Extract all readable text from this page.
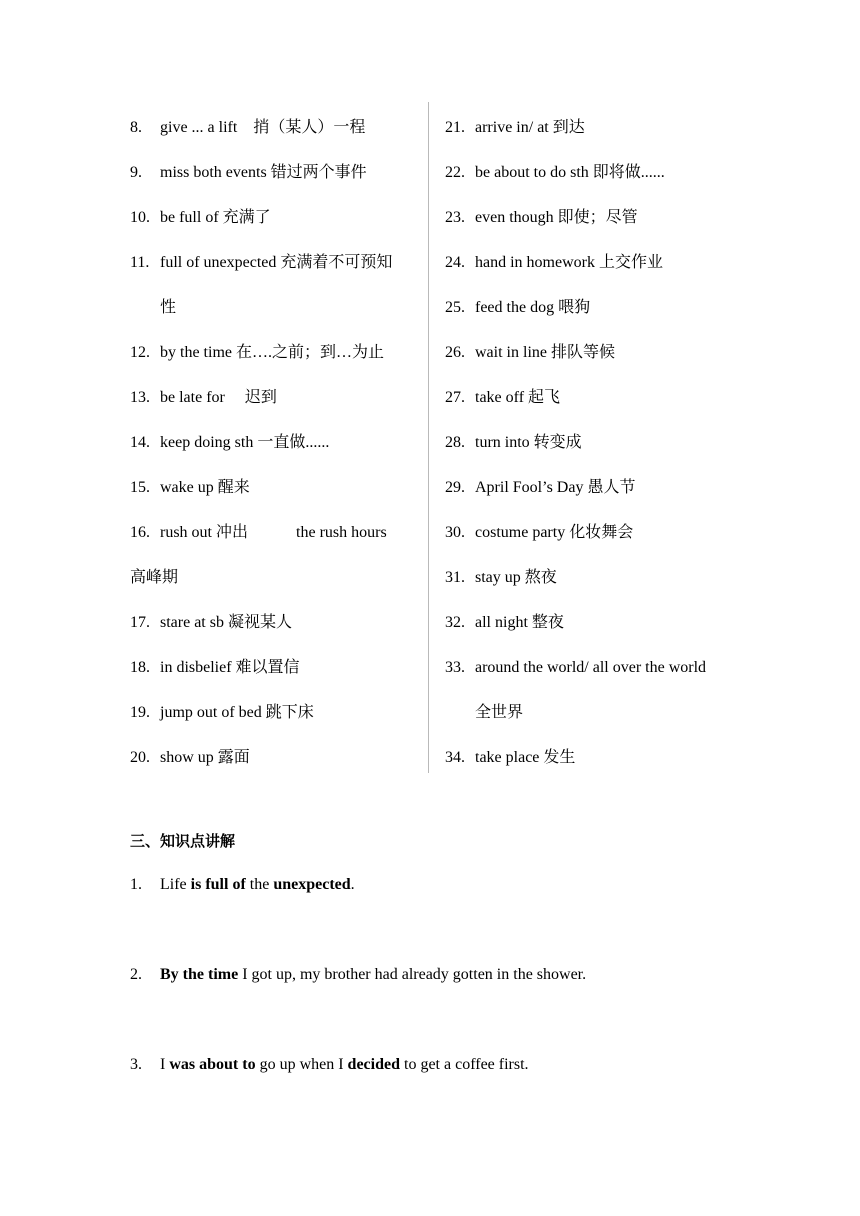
8. give ... a lift　捎（某人）一程
9. miss both events 错过两个事件
10. be full of 充满了
11. full of unexpected 充满着不可预知
性
12. by the time 在….之前；到…为止
13. be late for　 迟到
14. keep doing sth 一直做......
15. wake up 醒来
16. rush out 冲出	the rush hours
高峰期
17. stare at sb 凝视某人
18. in disbelief 难以置信
19. jump out of bed 跳下床
20. show up 露面
21. arrive in/ at 到达
22. be about to do sth 即将做......
23. even though 即使；尽管
24. hand in homework 上交作业
25. feed the dog 喂狗
26. wait in line 排队等候
27. take off 起飞
28. turn into 转变成
29. April Fool’s Day 愚人节
30. costume party 化妆舞会
31. stay up 熬夜
32. all night 整夜
33. around the world/ all over the world
全世界
34. take place 发生
三、知识点讲解
1. Life is full of the unexpected.
2. By the time I got up, my brother had already gotten in the shower.
3. I was about to go up when I decided to get a coffee first.
